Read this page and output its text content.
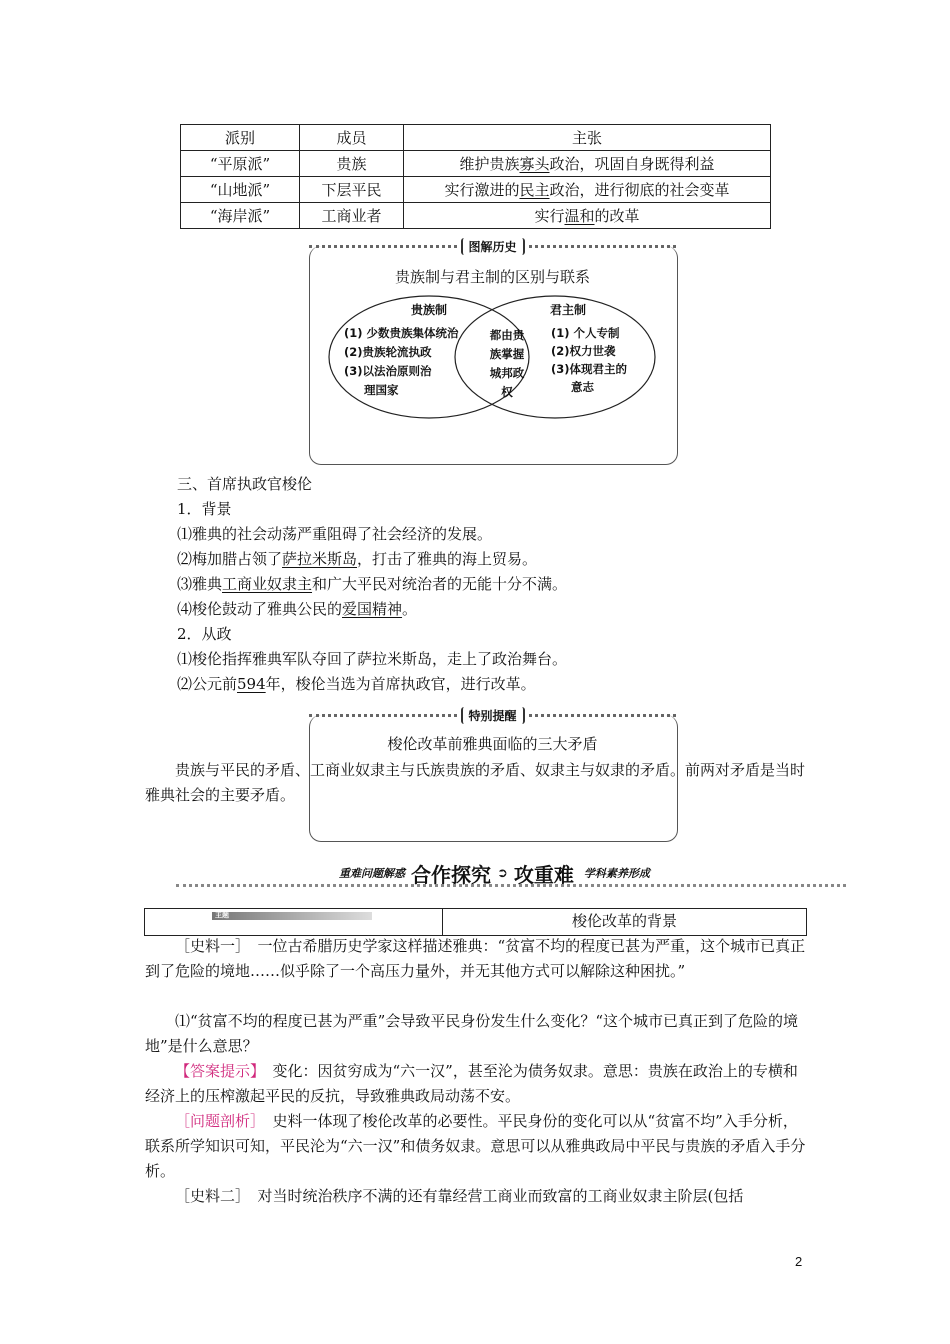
派别	成员	主张
“平原派”	贵族	维护贵族寡头政治，巩固自身既得利益
“山地派”	下层平民	实行激进的民主政治，进行彻底的社会变革
“海岸派”	工商业者	实行温和的改革
图解历史
贵族制与君主制的区别与联系
贵族制
(1) 少数贵族集体统治
(2)贵族轮流执政
(3)以法治原则治
理国家
都由贵
族掌握
城邦政
权
君主制
(1) 个人专制
(2)权力世袭
(3)体现君主的
意志
三、首席执政官梭伦
1．背景
⑴雅典的社会动荡严重阻碍了社会经济的发展。
⑵梅加腊占领了萨拉米斯岛，打击了雅典的海上贸易。
⑶雅典工商业奴隶主和广大平民对统治者的无能十分不满。
⑷梭伦鼓动了雅典公民的爱国精神。
2．从政
⑴梭伦指挥雅典军队夺回了萨拉米斯岛，走上了政治舞台。
⑵公元前594年，梭伦当选为首席执政官，进行改革。
特别提醒
梭伦改革前雅典面临的三大矛盾
贵族与平民的矛盾、工商业奴隶主与氏族贵族的矛盾、奴隶主与奴隶的矛盾。前两对矛盾是当时雅典社会的主要矛盾。
重难问题解惑 合作探究 ➲ 攻重难 学科素养形成
主题	梭伦改革的背景
［史料一］　一位古希腊历史学家这样描述雅典：“贫富不均的程度已甚为严重，这个城市已真正到了危险的境地……似乎除了一个高压力量外，并无其他方式可以解除这种困扰。”
⑴“贫富不均的程度已甚为严重”会导致平民身份发生什么变化？“这个城市已真正到了危险的境地”是什么意思？
【答案提示】　变化：因贫穷成为“六一汉”，甚至沦为债务奴隶。意思：贵族在政治上的专横和经济上的压榨激起平民的反抗，导致雅典政局动荡不安。
［问题剖析］　史料一体现了梭伦改革的必要性。平民身份的变化可以从“贫富不均”入手分析，联系所学知识可知，平民沦为“六一汉”和债务奴隶。意思可以从雅典政局中平民与贵族的矛盾入手分析。
［史料二］　对当时统治秩序不满的还有靠经营工商业而致富的工商业奴隶主阶层(包括
2
